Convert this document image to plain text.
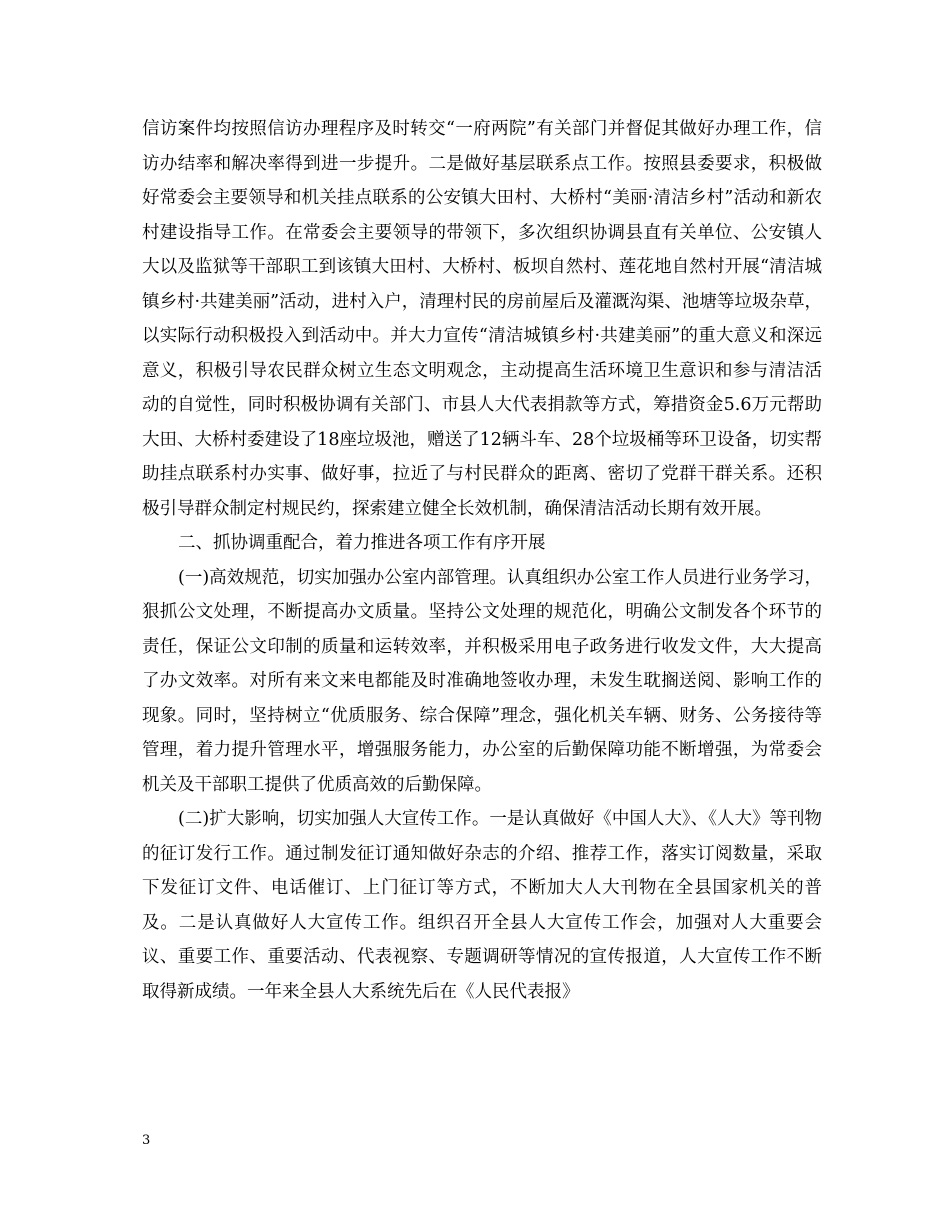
信访案件均按照信访办理程序及时转交“一府两院”有关部门并督促其做好办理工作，信访办结率和解决率得到进一步提升。二是做好基层联系点工作。按照县委要求，积极做好常委会主要领导和机关挂点联系的公安镇大田村、大桥村“美丽·清洁乡村”活动和新农村建设指导工作。在常委会主要领导的带领下，多次组织协调县直有关单位、公安镇人大以及监狱等干部职工到该镇大田村、大桥村、板坝自然村、莲花地自然村开展“清洁城镇乡村·共建美丽”活动，进村入户，清理村民的房前屋后及灌溉沟渠、池塘等垃圾杂草，以实际行动积极投入到活动中。并大力宣传“清洁城镇乡村·共建美丽”的重大意义和深远意义，积极引导农民群众树立生态文明观念，主动提高生活环境卫生意识和参与清洁活动的自觉性，同时积极协调有关部门、市县人大代表捐款等方式，筹措资金5.6万元帮助大田、大桥村委建设了18座垃圾池，赠送了12辆斗车、28个垃圾桶等环卫设备，切实帮助挂点联系村办实事、做好事，拉近了与村民群众的距离、密切了党群干群关系。还积极引导群众制定村规民约，探索建立健全长效机制，确保清洁活动长期有效开展。

二、抓协调重配合，着力推进各项工作有序开展

(一)高效规范，切实加强办公室内部管理。认真组织办公室工作人员进行业务学习，狠抓公文处理，不断提高办文质量。坚持公文处理的规范化，明确公文制发各个环节的责任，保证公文印制的质量和运转效率，并积极采用电子政务进行收发文件，大大提高了办文效率。对所有来文来电都能及时准确地签收办理，未发生耽搁送阅、影响工作的现象。同时，坚持树立“优质服务、综合保障”理念，强化机关车辆、财务、公务接待等管理，着力提升管理水平，增强服务能力，办公室的后勤保障功能不断增强，为常委会机关及干部职工提供了优质高效的后勤保障。

(二)扩大影响，切实加强人大宣传工作。一是认真做好《中国人大》、《人大》等刊物的征订发行工作。通过制发征订通知做好杂志的介绍、推荐工作，落实订阅数量，采取下发征订文件、电话催订、上门征订等方式，不断加大人大刊物在全县国家机关的普及。二是认真做好人大宣传工作。组织召开全县人大宣传工作会，加强对人大重要会议、重要工作、重要活动、代表视察、专题调研等情况的宣传报道，人大宣传工作不断取得新成绩。一年来全县人大系统先后在《人民代表报》

3
